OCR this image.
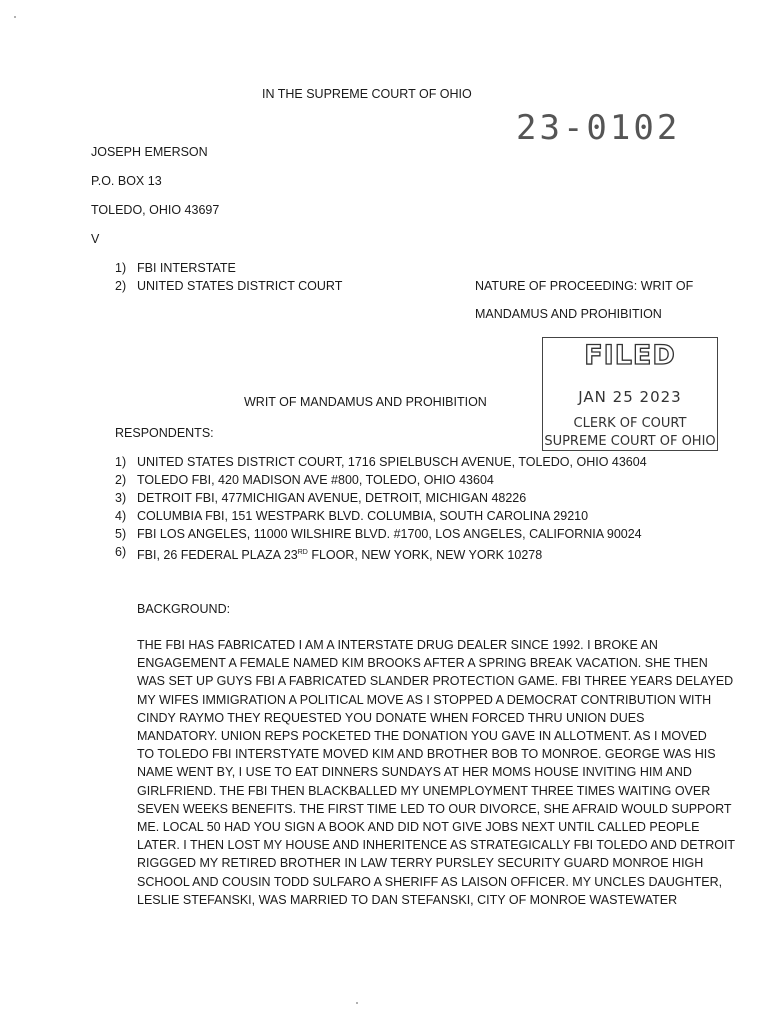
IN THE SUPREME COURT OF OHIO
23-0102
JOSEPH EMERSON
P.O. BOX 13
TOLEDO, OHIO 43697
V
1) FBI INTERSTATE
2) UNITED STATES DISTRICT COURT	NATURE OF PROCEEDING: WRIT OF
MANDAMUS AND PROHIBITION
FILED
JAN 25 2023
CLERK OF COURT
SUPREME COURT OF OHIO
WRIT OF MANDAMUS AND PROHIBITION
RESPONDENTS:
1) UNITED STATES DISTRICT COURT, 1716 SPIELBUSCH AVENUE, TOLEDO, OHIO 43604
2) TOLEDO FBI, 420 MADISON AVE #800, TOLEDO, OHIO 43604
3) DETROIT FBI, 477MICHIGAN AVENUE, DETROIT, MICHIGAN 48226
4) COLUMBIA FBI, 151 WESTPARK BLVD. COLUMBIA, SOUTH CAROLINA 29210
5) FBI LOS ANGELES, 11000 WILSHIRE BLVD. #1700, LOS ANGELES, CALIFORNIA 90024
6) FBI, 26 FEDERAL PLAZA 23RD FLOOR, NEW YORK, NEW YORK 10278
BACKGROUND:
THE FBI HAS FABRICATED I AM A INTERSTATE DRUG DEALER SINCE 1992. I BROKE AN
ENGAGEMENT A FEMALE NAMED KIM BROOKS AFTER A SPRING BREAK VACATION. SHE THEN
WAS SET UP GUYS FBI A FABRICATED SLANDER PROTECTION GAME. FBI THREE YEARS DELAYED
MY WIFES IMMIGRATION A POLITICAL MOVE AS I STOPPED A DEMOCRAT CONTRIBUTION WITH
CINDY RAYMO THEY REQUESTED YOU DONATE WHEN FORCED THRU UNION DUES
MANDATORY. UNION REPS POCKETED THE DONATION YOU GAVE IN ALLOTMENT. AS I MOVED
TO TOLEDO FBI INTERSTYATE MOVED KIM AND BROTHER BOB TO MONROE. GEORGE WAS HIS
NAME WENT BY, I USE TO EAT DINNERS SUNDAYS AT HER MOMS HOUSE INVITING HIM AND
GIRLFRIEND. THE FBI THEN BLACKBALLED MY UNEMPLOYMENT THREE TIMES WAITING OVER
SEVEN WEEKS BENEFITS. THE FIRST TIME LED TO OUR DIVORCE, SHE AFRAID WOULD SUPPORT
ME. LOCAL 50 HAD YOU SIGN A BOOK AND DID NOT GIVE JOBS NEXT UNTIL CALLED PEOPLE
LATER. I THEN LOST MY HOUSE AND INHERITENCE AS STRATEGICALLY FBI TOLEDO AND DETROIT
RIGGGED MY RETIRED BROTHER IN LAW TERRY PURSLEY SECURITY GUARD MONROE HIGH
SCHOOL AND COUSIN TODD SULFARO A SHERIFF AS LAISON OFFICER. MY UNCLES DAUGHTER,
LESLIE STEFANSKI, WAS MARRIED TO DAN STEFANSKI, CITY OF MONROE WASTEWATER
